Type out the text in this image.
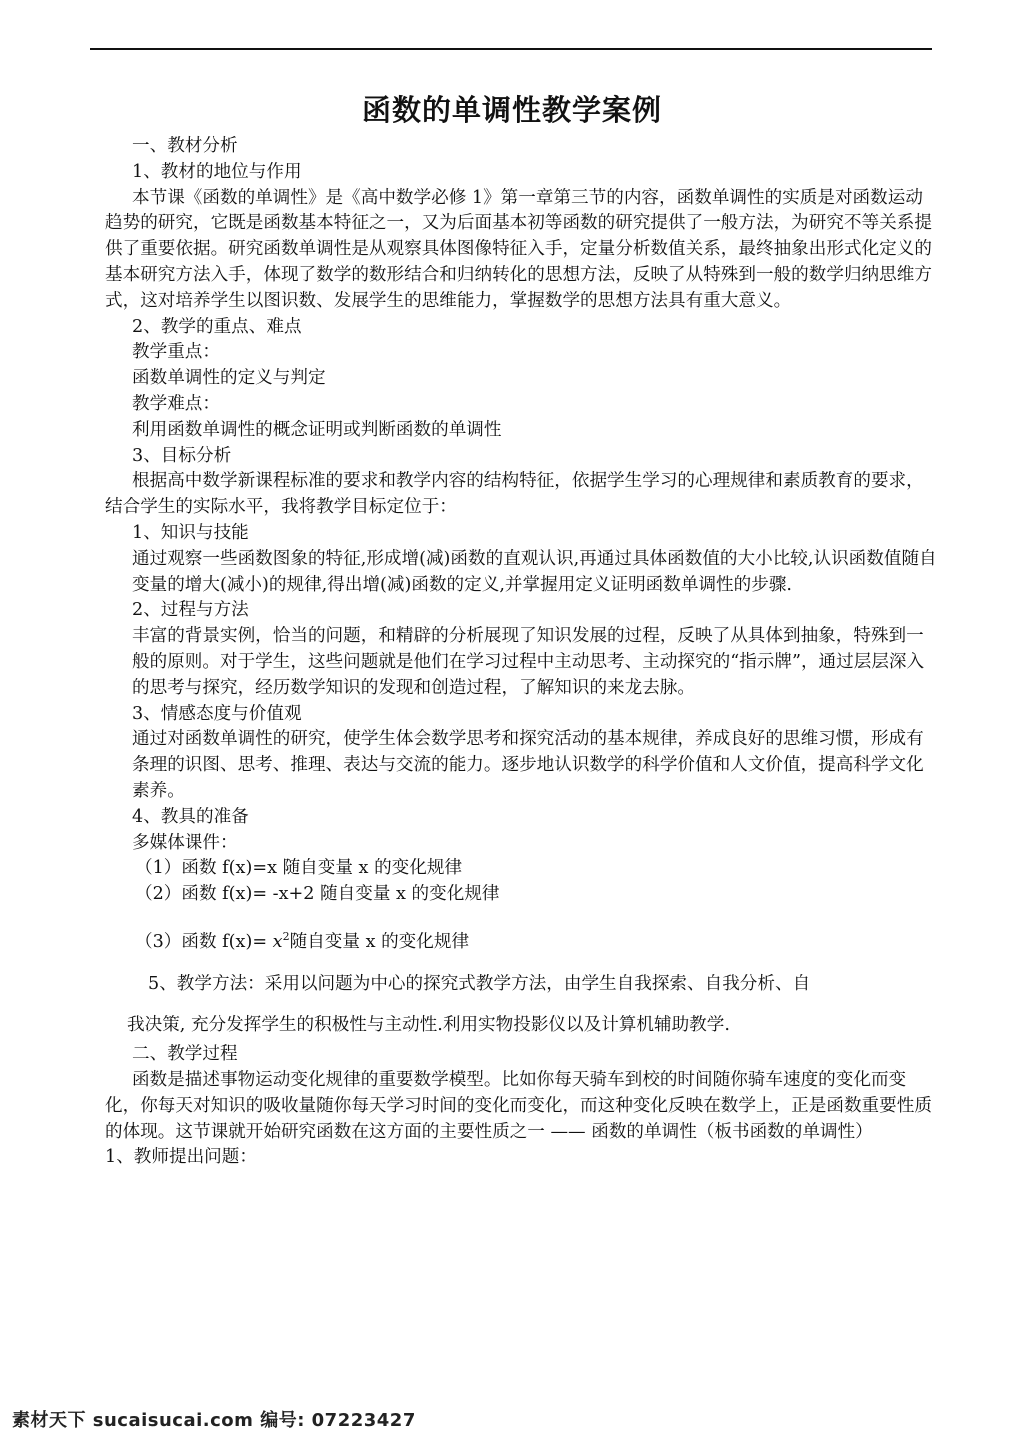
函数的单调性教学案例

一、教材分析

1、教材的地位与作用

本节课《函数的单调性》是《高中数学必修 1》第一章第三节的内容，函数单调性的实质是对函数运动趋势的研究，它既是函数基本特征之一，又为后面基本初等函数的研究提供了一般方法，为研究不等关系提供了重要依据。研究函数单调性是从观察具体图像特征入手，定量分析数值关系，最终抽象出形式化定义的基本研究方法入手，体现了数学的数形结合和归纳转化的思想方法，反映了从特殊到一般的数学归纳思维方式，这对培养学生以图识数、发展学生的思维能力，掌握数学的思想方法具有重大意义。

2、教学的重点、难点

教学重点：

函数单调性的定义与判定

教学难点：

利用函数单调性的概念证明或判断函数的单调性

3、目标分析

根据高中数学新课程标准的要求和教学内容的结构特征，依据学生学习的心理规律和素质教育的要求，结合学生的实际水平，我将教学目标定位于：

1、知识与技能

通过观察一些函数图象的特征,形成增(减)函数的直观认识,再通过具体函数值的大小比较,认识函数值随自变量的增大(减小)的规律,得出增(减)函数的定义,并掌握用定义证明函数单调性的步骤.

2、过程与方法

丰富的背景实例，恰当的问题，和精辟的分析展现了知识发展的过程，反映了从具体到抽象，特殊到一般的原则。对于学生，这些问题就是他们在学习过程中主动思考、主动探究的“指示牌”，通过层层深入的思考与探究，经历数学知识的发现和创造过程，了解知识的来龙去脉。

3、情感态度与价值观

通过对函数单调性的研究，使学生体会数学思考和探究活动的基本规律，养成良好的思维习惯，形成有条理的识图、思考、推理、表达与交流的能力。逐步地认识数学的科学价值和人文价值，提高科学文化素养。

4、教具的准备

多媒体课件：

（1）函数 f(x)=x 随自变量 x 的变化规律

（2）函数 f(x)= -x+2 随自变量 x 的变化规律

（3）函数 $f(x)= x^2$随自变量 x 的变化规律

5、教学方法：采用以问题为中心的探究式教学方法，由学生自我探索、自我分析、自

我决策, 充分发挥学生的积极性与主动性.利用实物投影仪以及计算机辅助教学.

二、教学过程

函数是描述事物运动变化规律的重要数学模型。比如你每天骑车到校的时间随你骑车速度的变化而变化，你每天对知识的吸收量随你每天学习时间的变化而变化，而这种变化反映在数学上，正是函数重要性质的体现。这节课就开始研究函数在这方面的主要性质之一 —— 函数的单调性（板书函数的单调性）

1、教师提出问题：

素材天下 sucaisucai.com 编号: 07223427
